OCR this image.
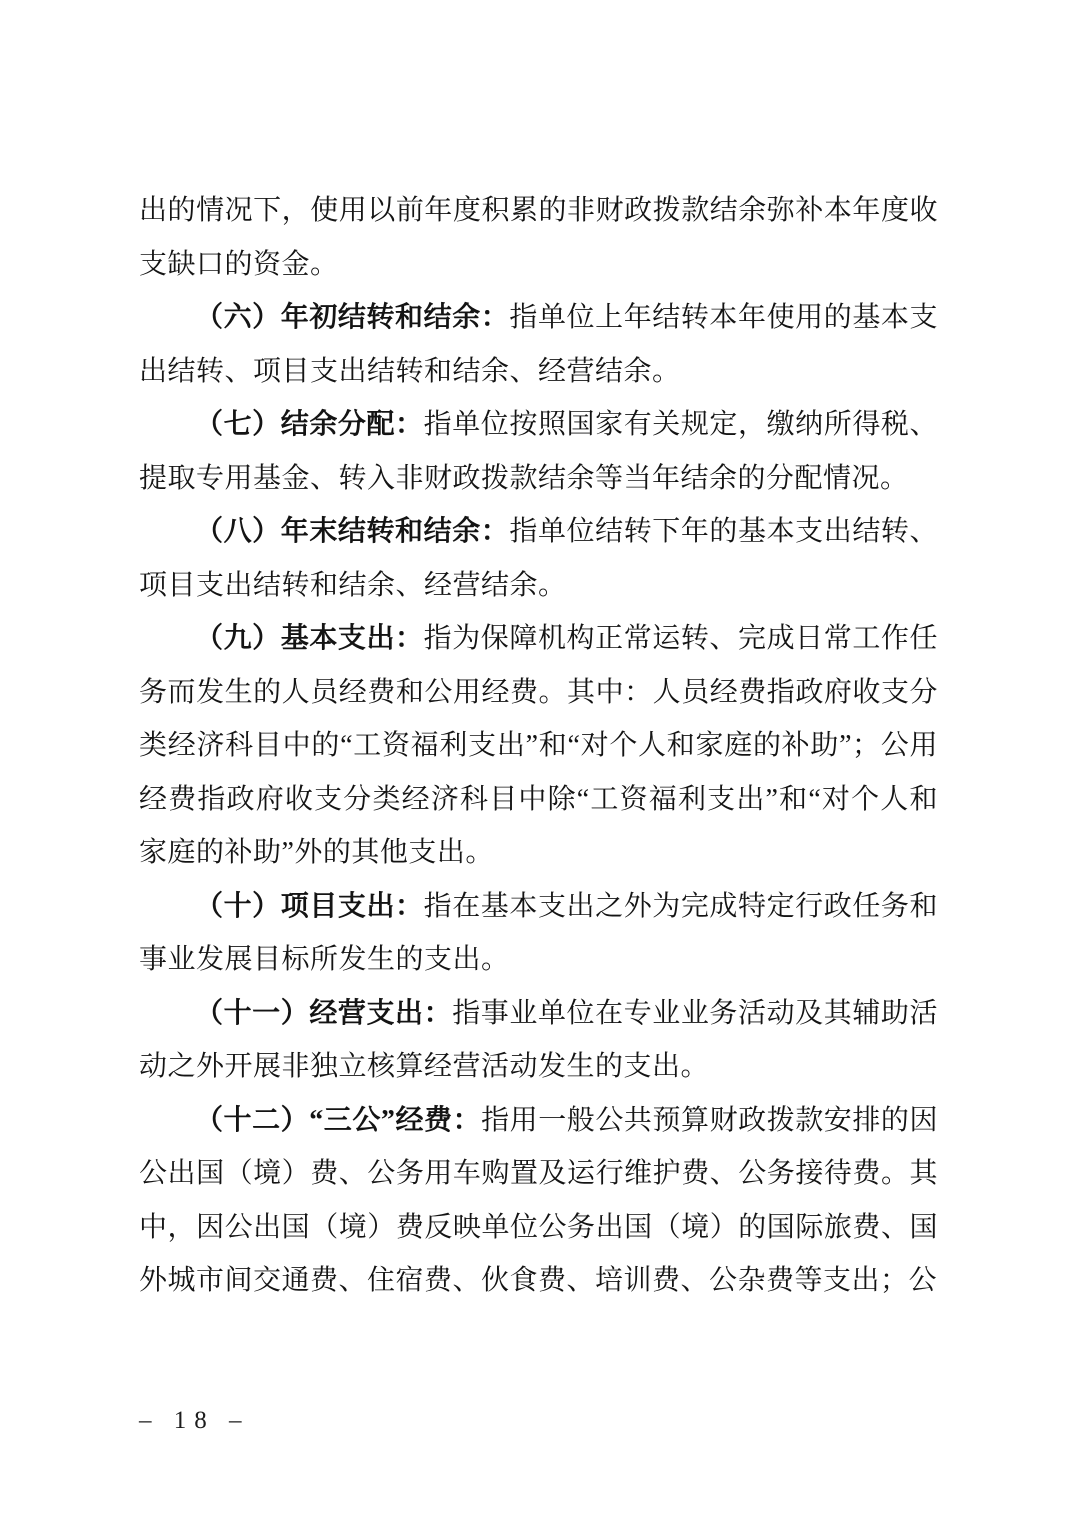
出的情况下，使用以前年度积累的非财政拨款结余弥补本年度收支缺口的资金。

（六）年初结转和结余：指单位上年结转本年使用的基本支出结转、项目支出结转和结余、经营结余。

（七）结余分配：指单位按照国家有关规定，缴纳所得税、提取专用基金、转入非财政拨款结余等当年结余的分配情况。

（八）年末结转和结余：指单位结转下年的基本支出结转、项目支出结转和结余、经营结余。

（九）基本支出：指为保障机构正常运转、完成日常工作任务而发生的人员经费和公用经费。其中：人员经费指政府收支分类经济科目中的“工资福利支出”和“对个人和家庭的补助”；公用经费指政府收支分类经济科目中除“工资福利支出”和“对个人和家庭的补助”外的其他支出。

（十）项目支出：指在基本支出之外为完成特定行政任务和事业发展目标所发生的支出。

（十一）经营支出：指事业单位在专业业务活动及其辅助活动之外开展非独立核算经营活动发生的支出。

（十二）“三公”经费：指用一般公共预算财政拨款安排的因公出国（境）费、公务用车购置及运行维护费、公务接待费。其中，因公出国（境）费反映单位公务出国（境）的国际旅费、国外城市间交通费、住宿费、伙食费、培训费、公杂费等支出；公

– 18 –
